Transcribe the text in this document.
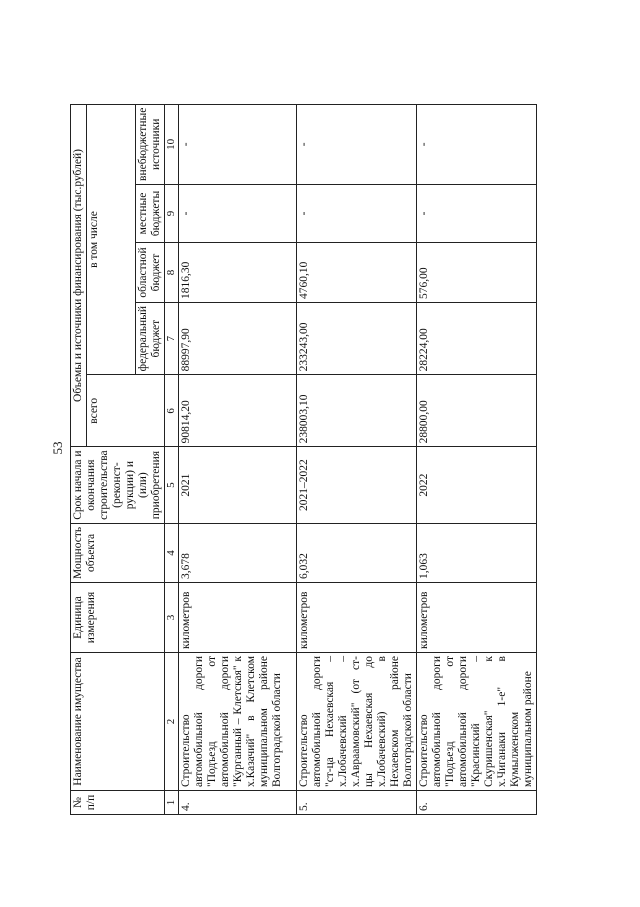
53
№
п/п	Наименование имущества	Единица измерения	Мощность объекта	Срок начала и окончания строительства (реконст-рукции) и (или) приобретения	Объемы и источники финансирования (тыс.рублей)				
					всего	в том числе			
						федеральный бюджет	областной бюджет	местные бюджеты	внебюджетные источники
1	2	3	4	5	6	7	8	9	10
4.	Строительство автомобильной дороги "Подъезд от автомобильной дороги "Курганный – Клетская" к х.Казачий" в Клетском муниципальном районе Волгоградской области	километров	3,678	2021	90814,20	88997,90	1816,30	-	-
5.	Строительство автомобильной дороги "ст-ца Нехаевская – х.Лобачевский – х.Авраамовский" (от ст-цы Нехаевская до х.Лобачевский) в Нехаевском районе Волгоградской области	километров	6,032	2021–2022	238003,10	233243,00	4760,10	-	-
6.	Строительство автомобильной дороги "Подъезд от автомобильной дороги "Красинский – Скуришенская" к х.Чиганаки 1-е" в Кумылженском муниципальном районе	километров	1,063	2022	28800,00	28224,00	576,00	-	-
